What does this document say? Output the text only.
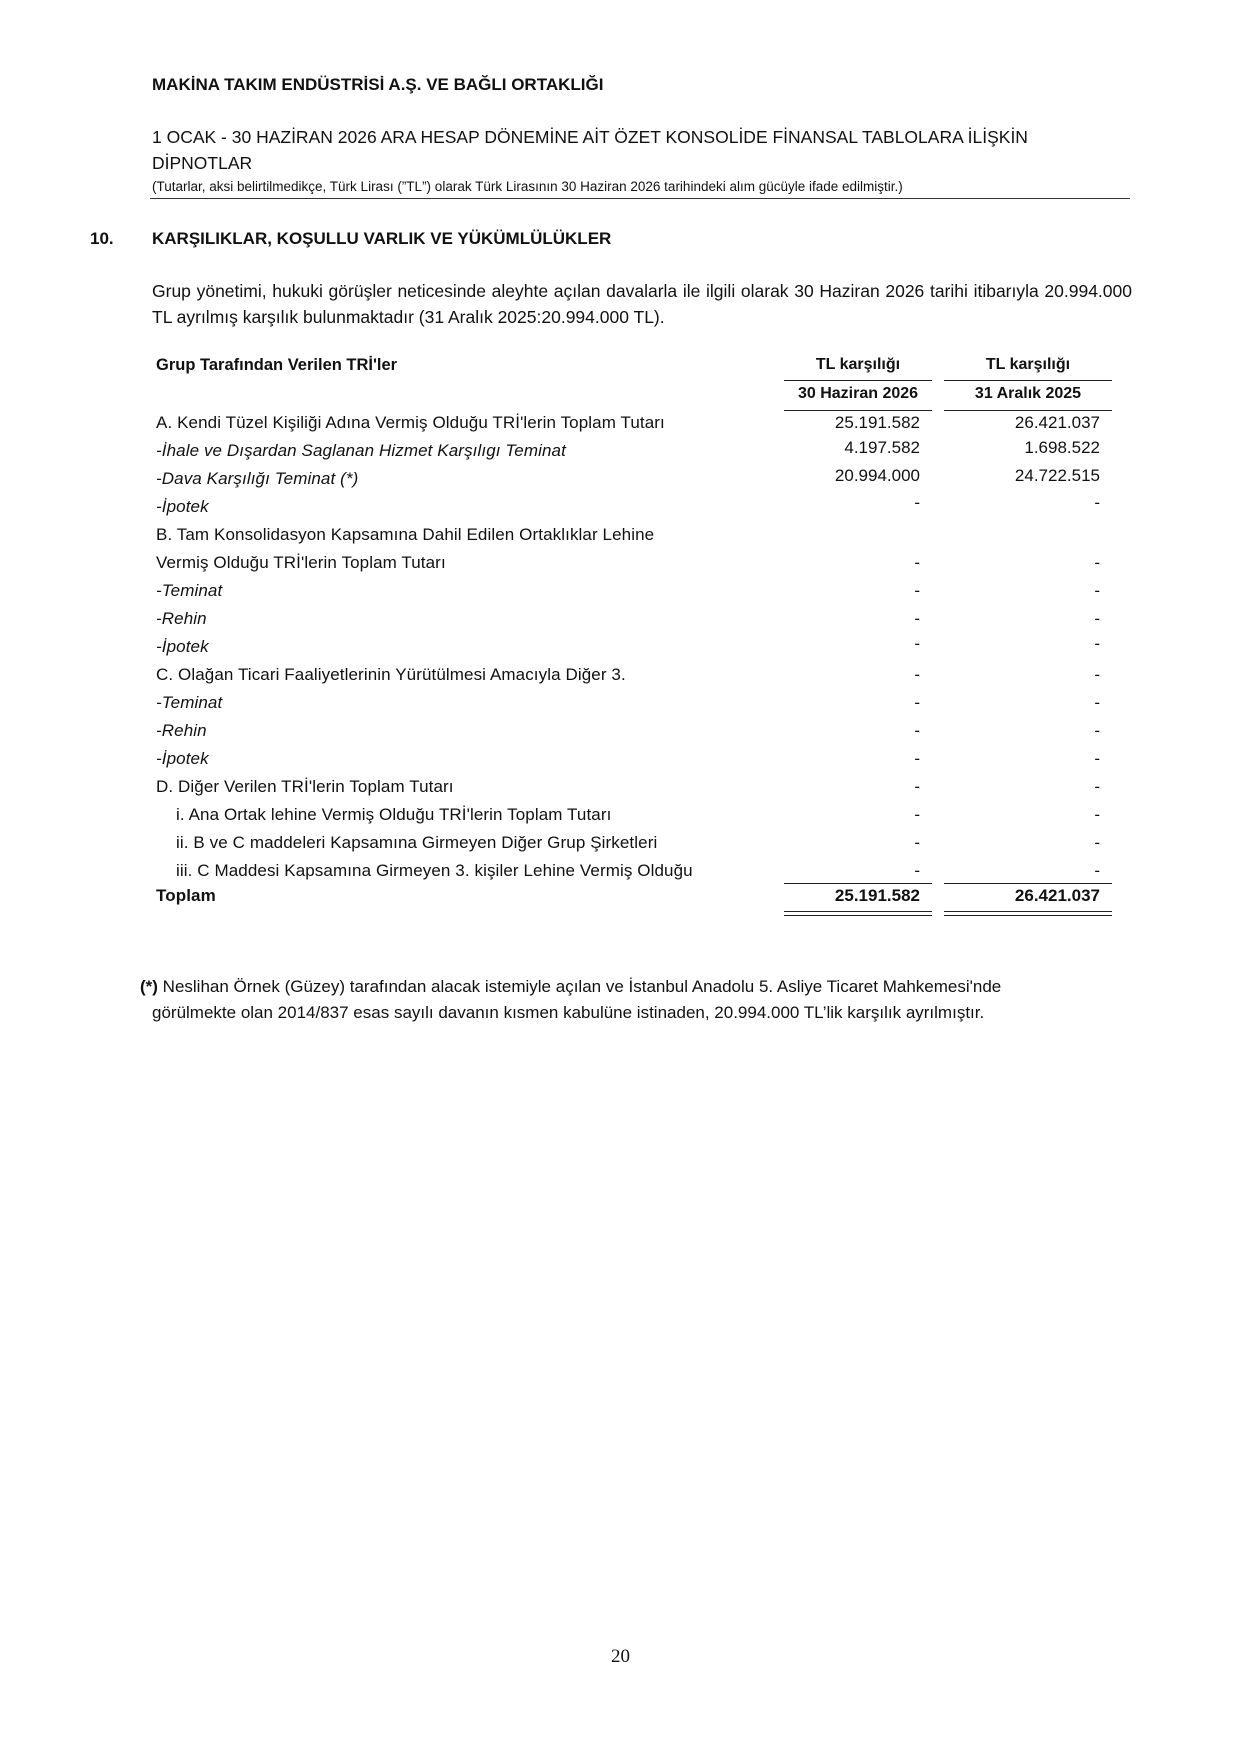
MAKİNA TAKIM ENDÜSTRİSİ A.Ş. VE BAĞLI ORTAKLIĞI
1 OCAK - 30 HAZİRAN 2026 ARA HESAP DÖNEMİNE AİT ÖZET KONSOLİDE FİNANSAL TABLOLARA İLİŞKİN
DİPNOTLAR
(Tutarlar, aksi belirtilmedikçe, Türk Lirası (”TL”) olarak Türk Lirasının 30 Haziran 2026 tarihindeki alım gücüyle ifade edilmiştir.)
10. KARŞILIKLAR, KOŞULLU VARLIK VE YÜKÜMLÜLÜKLER
Grup yönetimi, hukuki görüşler neticesinde aleyhte açılan davalarla ile ilgili olarak 30 Haziran 2026 tarihi itibarıyla 20.994.000 TL ayrılmış karşılık bulunmaktadır (31 Aralık 2025:20.994.000 TL).
Grup Tarafından Verilen TRİ'ler	TL karşılığı	TL karşılığı
30 Haziran 2026	31 Aralık 2025
A. Kendi Tüzel Kişiliği Adına Vermiş Olduğu TRİ'lerin Toplam Tutarı	25.191.582	26.421.037
-İhale ve Dışardan Saglanan Hizmet Karşılıgı Teminat	4.197.582	1.698.522
-Dava Karşılığı Teminat (*)	20.994.000	24.722.515
-İpotek	-	-
B. Tam Konsolidasyon Kapsamına Dahil Edilen Ortaklıklar Lehine
Vermiş Olduğu TRİ'lerin Toplam Tutarı	-	-
-Teminat	-	-
-Rehin	-	-
-İpotek	-	-
C. Olağan Ticari Faaliyetlerinin Yürütülmesi Amacıyla Diğer 3.	-	-
-Teminat	-	-
-Rehin	-	-
-İpotek	-	-
D. Diğer Verilen TRİ'lerin Toplam Tutarı	-	-
i. Ana Ortak lehine Vermiş Olduğu TRİ'lerin Toplam Tutarı	-	-
ii. B ve C maddeleri Kapsamına Girmeyen Diğer Grup Şirketleri	-	-
iii. C Maddesi Kapsamına Girmeyen 3. kişiler Lehine Vermiş Olduğu	-	-
Toplam	25.191.582	26.421.037
(*) Neslihan Örnek (Güzey) tarafından alacak istemiyle açılan ve İstanbul Anadolu 5. Asliye Ticaret Mahkemesi'nde
görülmekte olan 2014/837 esas sayılı davanın kısmen kabulüne istinaden, 20.994.000 TL’lik karşılık ayrılmıştır.
20
